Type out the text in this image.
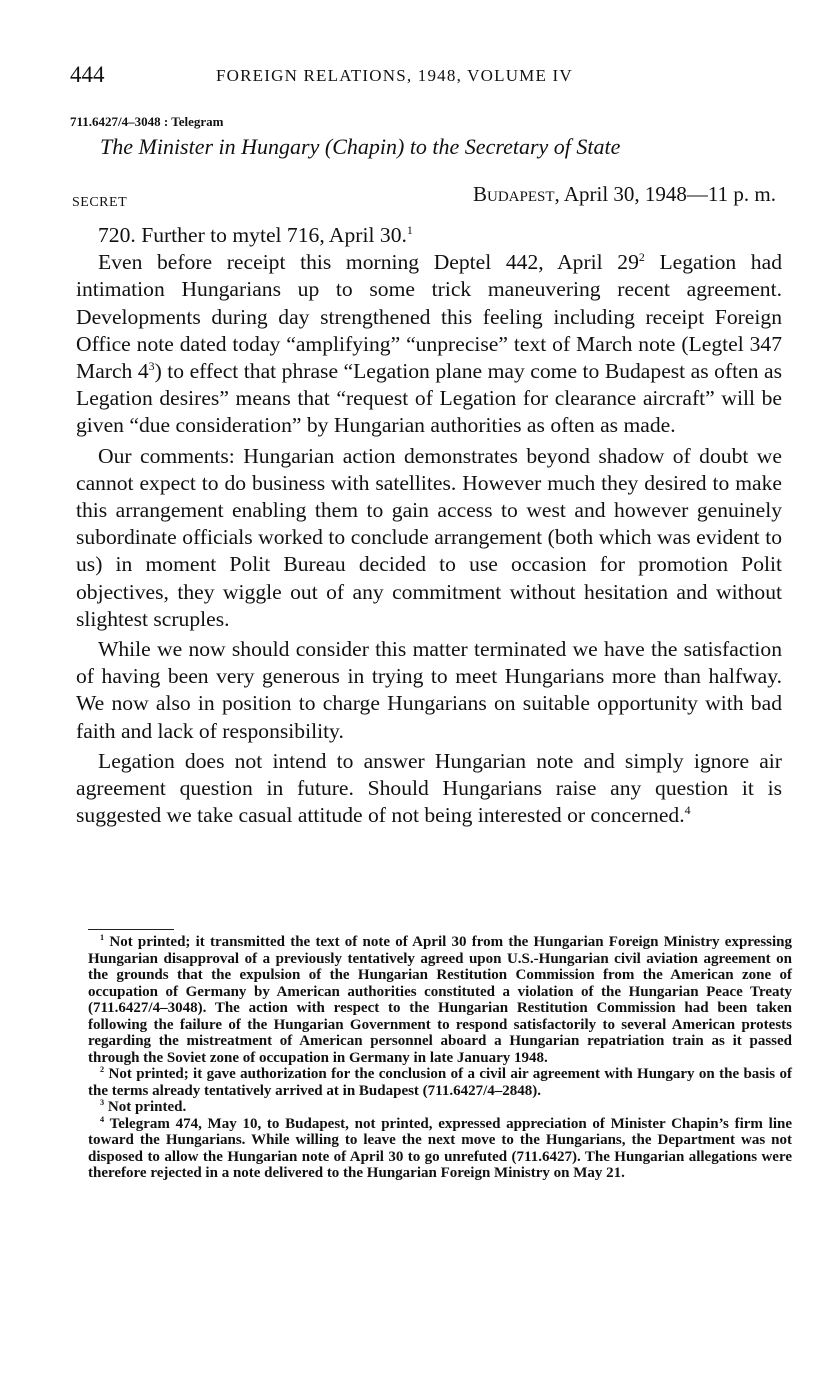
444	FOREIGN RELATIONS, 1948, VOLUME IV
711.6427/4–3048 : Telegram
The Minister in Hungary (Chapin) to the Secretary of State
SECRET	Budapest, April 30, 1948—11 p. m.

720. Further to mytel 716, April 30.$^1$

Even before receipt this morning Deptel 442, April $29^2$ Legation had intimation Hungarians up to some trick maneuvering recent agreement. Developments during day strengthened this feeling including receipt Foreign Office note dated today “amplifying” “unprecise” text of March note (Legtel 347 March $4^3$) to effect that phrase “Legation plane may come to Budapest as often as Legation desires” means that “request of Legation for clearance aircraft” will be given “due consideration” by Hungarian authorities as often as made.

Our comments: Hungarian action demonstrates beyond shadow of doubt we cannot expect to do business with satellites. However much they desired to make this arrangement enabling them to gain access to west and however genuinely subordinate officials worked to conclude arrangement (both which was evident to us) in moment Polit Bureau decided to use occasion for promotion Polit objectives, they wiggle out of any commitment without hesitation and without slightest scruples.

While we now should consider this matter terminated we have the satisfaction of having been very generous in trying to meet Hungarians more than halfway. We now also in position to charge Hungarians on suitable opportunity with bad faith and lack of responsibility.

Legation does not intend to answer Hungarian note and simply ignore air agreement question in future. Should Hungarians raise any question it is suggested we take casual attitude of not being interested or concerned.$^4$

$^1$ Not printed; it transmitted the text of note of April 30 from the Hungarian Foreign Ministry expressing Hungarian disapproval of a previously tentatively agreed upon U.S.-Hungarian civil aviation agreement on the grounds that the expulsion of the Hungarian Restitution Commission from the American zone of occupation of Germany by American authorities constituted a violation of the Hungarian Peace Treaty (711.6427/4–3048). The action with respect to the Hungarian Restitution Commission had been taken following the failure of the Hungarian Government to respond satisfactorily to several American protests regarding the mistreatment of American personnel aboard a Hungarian repatriation train as it passed through the Soviet zone of occupation in Germany in late January 1948.

$^2$ Not printed; it gave authorization for the conclusion of a civil air agreement with Hungary on the basis of the terms already tentatively arrived at in Budapest (711.6427/4–2848).

$^3$ Not printed.

$^4$ Telegram 474, May 10, to Budapest, not printed, expressed appreciation of Minister Chapin’s firm line toward the Hungarians. While willing to leave the next move to the Hungarians, the Department was not disposed to allow the Hungarian note of April 30 to go unrefuted (711.6427). The Hungarian allegations were therefore rejected in a note delivered to the Hungarian Foreign Ministry on May 21.
